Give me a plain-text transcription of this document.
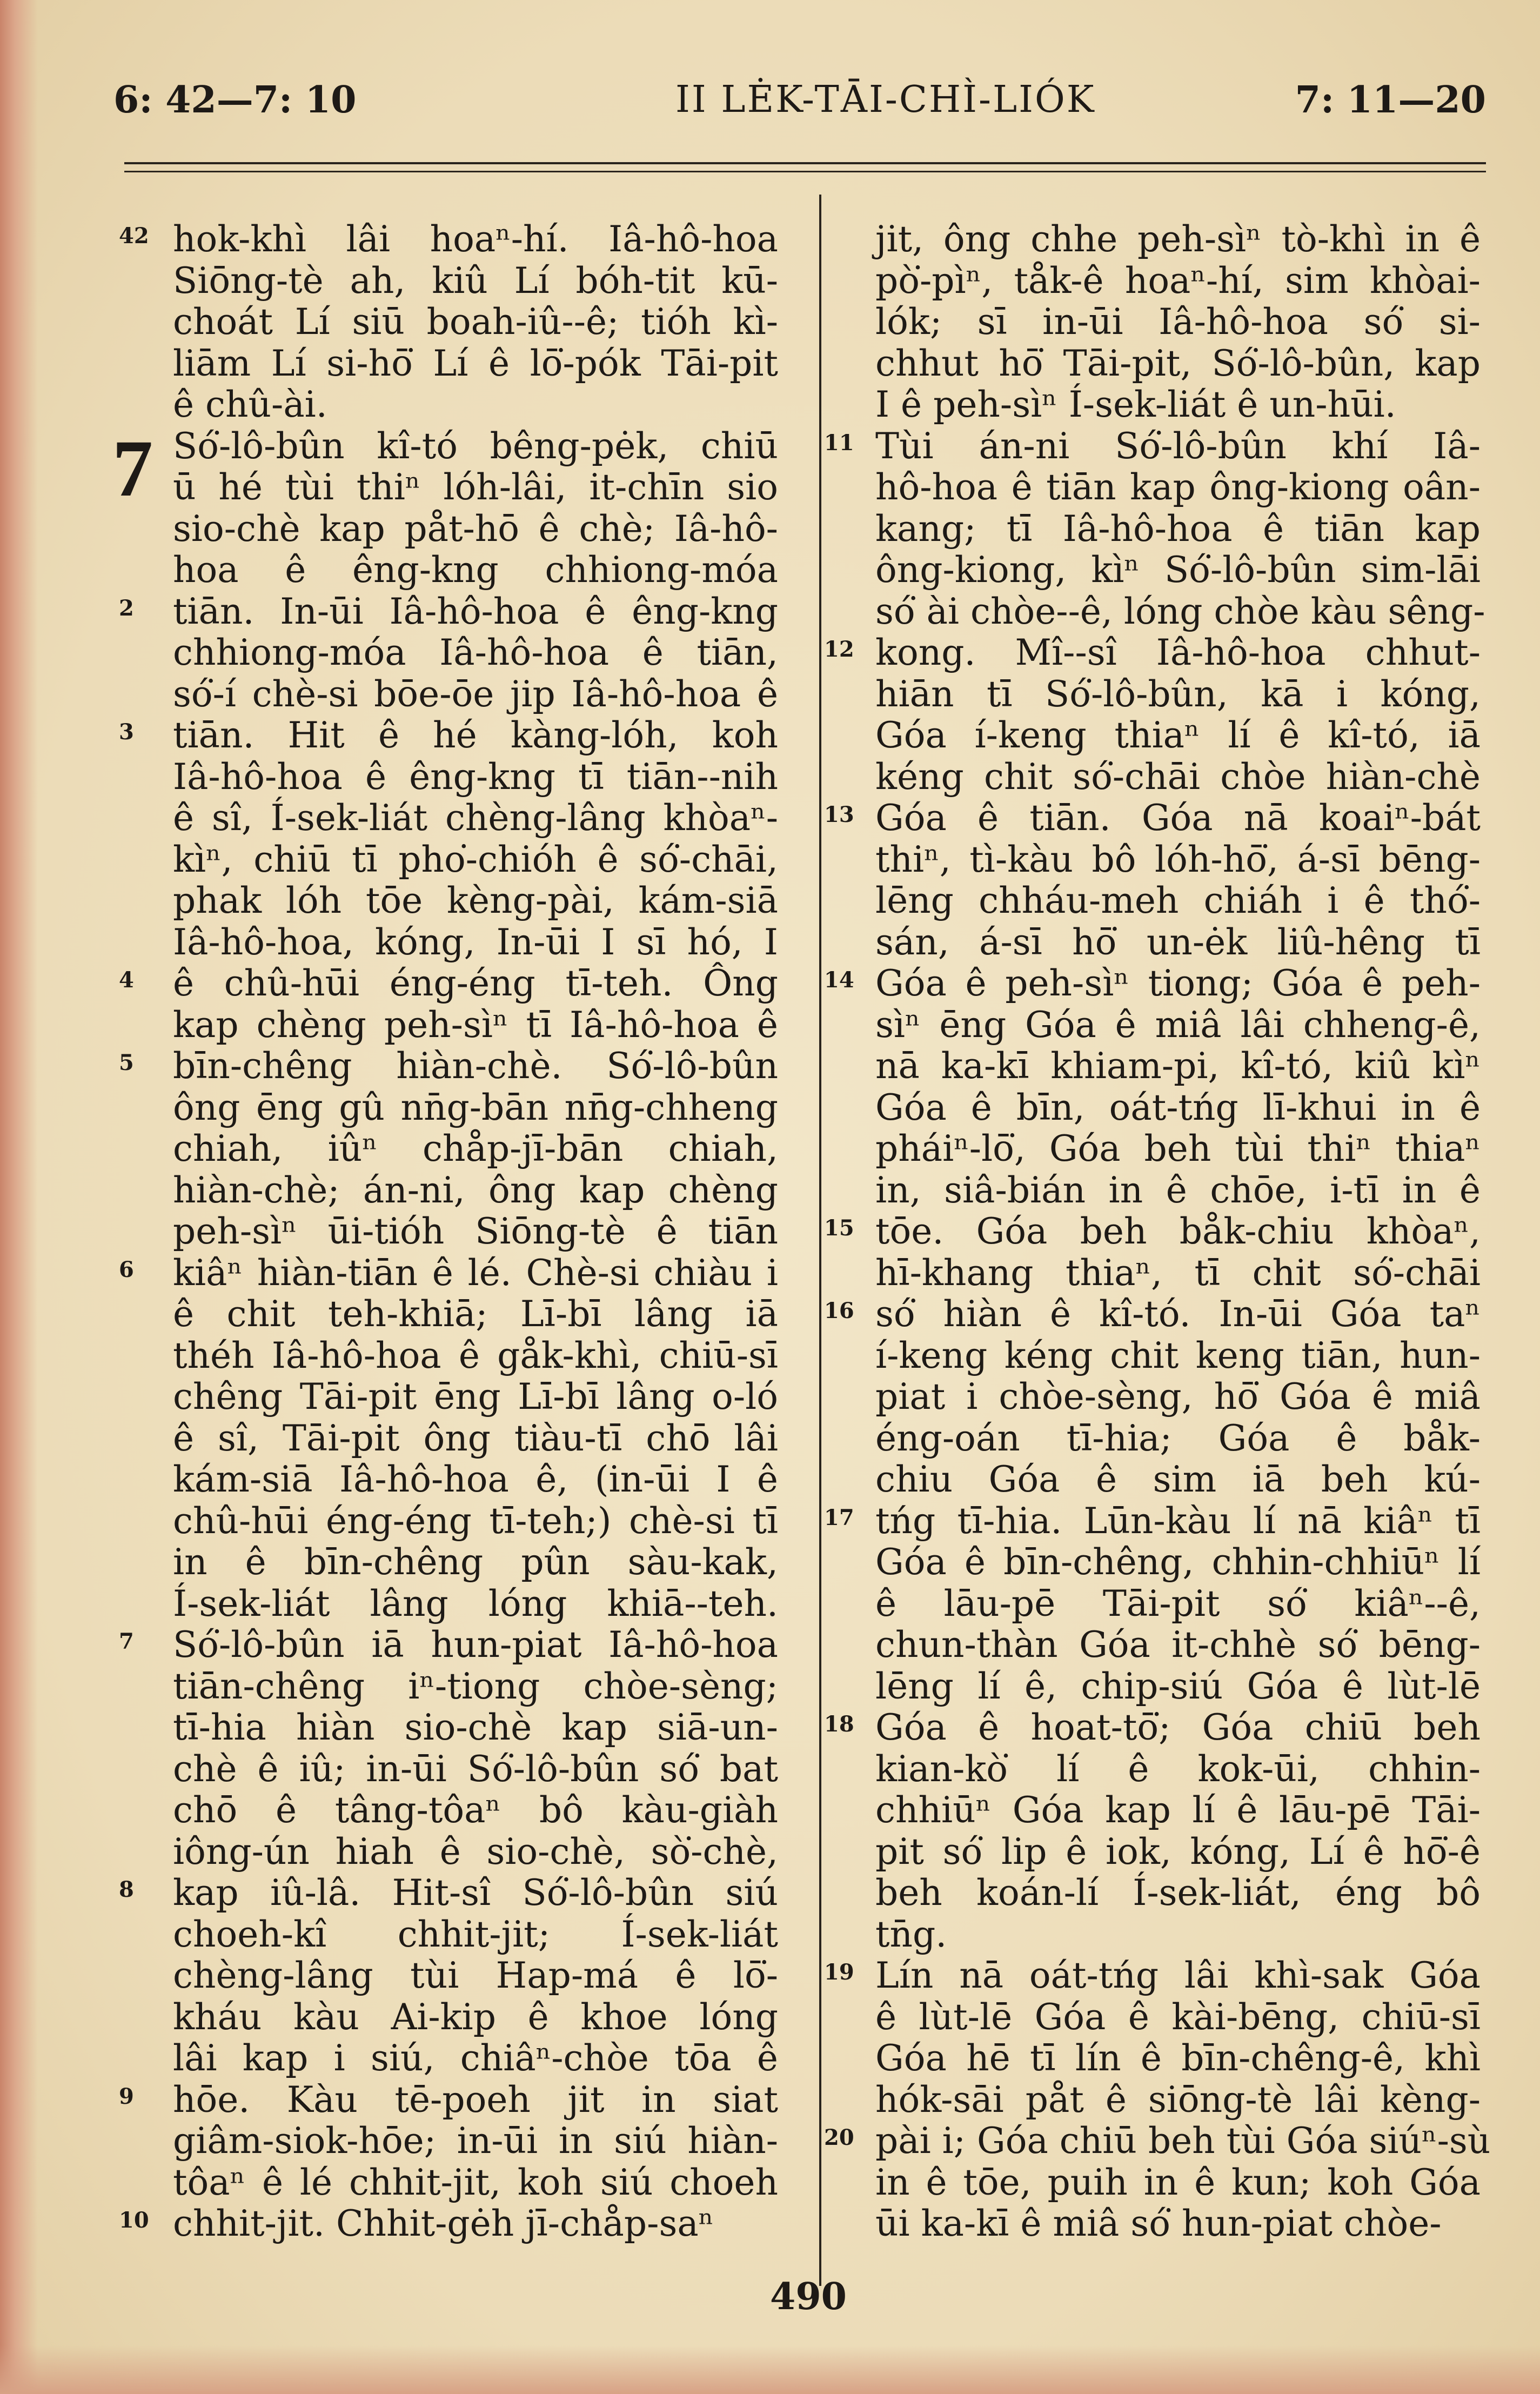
6: 42—7: 10	II LĖK-TĀI-CHÌ-LIÓK	7: 11—20
7
42
2
3
4
5
6
7
8
9
10
11
12
13
14
15
16
17
18
19
20
hok-khì lâi hoaⁿ-hí. Iâ-hô-hoa
Siōng-tè ah, kiû Lí bóh-tit kū-
choát Lí siū boah-iû--ê; tióh kì-
liām Lí si-hō͘ Lí ê lō͘-pók Tāi-pit
ê chû-ài.
Só͘-lô-bûn kî-tó bêng-pėk, chiū
ū hé tùi thiⁿ lóh-lâi, it-chīn sio
sio-chè kap påt-hō ê chè; Iâ-hô-
hoa ê êng-kng chhiong-móa
tiān. In-ūi Iâ-hô-hoa ê êng-kng
chhiong-móa Iâ-hô-hoa ê tiān,
só͘-í chè-si bōe-ōe jip Iâ-hô-hoa ê
tiān. Hit ê hé kàng-lóh, koh
Iâ-hô-hoa ê êng-kng tī tiān--nih
ê sî, Í-sek-liát chèng-lâng khòaⁿ-
kìⁿ, chiū tī pho͘-chióh ê só͘-chāi,
phak lóh tōe kèng-pài, kám-siā
Iâ-hô-hoa, kóng, In-ūi I sī hó, I
ê chû-hūi éng-éng tī-teh. Ông
kap chèng peh-sìⁿ tī Iâ-hô-hoa ê
bīn-chêng hiàn-chè. Só͘-lô-bûn
ông ēng gû nn̄g-bān nn̄g-chheng
chiah, iûⁿ chåp-jī-bān chiah,
hiàn-chè; án-ni, ông kap chèng
peh-sìⁿ ūi-tióh Siōng-tè ê tiān
kiâⁿ hiàn-tiān ê lé. Chè-si chiàu i
ê chit teh-khiā; Lī-bī lâng iā
théh Iâ-hô-hoa ê gåk-khì, chiū-sī
chêng Tāi-pit ēng Lī-bī lâng o-ló
ê sî, Tāi-pit ông tiàu-tī chō lâi
kám-siā Iâ-hô-hoa ê, (in-ūi I ê
chû-hūi éng-éng tī-teh;) chè-si tī
in ê bīn-chêng pûn sàu-kak,
Í-sek-liát lâng lóng khiā--teh.
Só͘-lô-bûn iā hun-piat Iâ-hô-hoa
tiān-chêng iⁿ-tiong chòe-sèng;
tī-hia hiàn sio-chè kap siā-un-
chè ê iû; in-ūi Só͘-lô-bûn só͘ bat
chō ê tâng-tôaⁿ bô kàu-giàh
iông-ún hiah ê sio-chè, sò͘-chè,
kap iû-lâ. Hit-sî Só͘-lô-bûn siú
choeh-kî chhit-jit; Í-sek-liát
chèng-lâng tùi Hap-má ê lō͘-
kháu kàu Ai-kip ê khoe lóng
lâi kap i siú, chiâⁿ-chòe tōa ê
hōe. Kàu tē-poeh jit in siat
giâm-siok-hōe; in-ūi in siú hiàn-
tôaⁿ ê lé chhit-jit, koh siú choeh
chhit-jit. Chhit-gėh jī-chåp-saⁿ
jit, ông chhe peh-sìⁿ tò-khì in ê
pò͘-pìⁿ, tåk-ê hoaⁿ-hí, sim khòai-
lók; sī in-ūi Iâ-hô-hoa só͘ si-
chhut hō͘ Tāi-pit, Só͘-lô-bûn, kap
I ê peh-sìⁿ Í-sek-liát ê un-hūi.
Tùi án-ni Só͘-lô-bûn khí Iâ-
hô-hoa ê tiān kap ông-kiong oân-
kang; tī Iâ-hô-hoa ê tiān kap
ông-kiong, kìⁿ Só͘-lô-bûn sim-lāi
só͘ ài chòe--ê, lóng chòe kàu sêng-
kong. Mî--sî Iâ-hô-hoa chhut-
hiān tī Só͘-lô-bûn, kā i kóng,
Góa í-keng thiaⁿ lí ê kî-tó, iā
kéng chit só͘-chāi chòe hiàn-chè
Góa ê tiān. Góa nā koaiⁿ-bát
thiⁿ, tì-kàu bô lóh-hō͘, á-sī bēng-
lēng chháu-meh chiáh i ê thó͘-
sán, á-sī hō͘ un-ėk liû-hêng tī
Góa ê peh-sìⁿ tiong; Góa ê peh-
sìⁿ ēng Góa ê miâ lâi chheng-ê,
nā ka-kī khiam-pi, kî-tó, kiû kìⁿ
Góa ê bīn, oát-tńg lī-khui in ê
pháiⁿ-lō͘, Góa beh tùi thiⁿ thiaⁿ
in, siâ-bián in ê chōe, i-tī in ê
tōe. Góa beh båk-chiu khòaⁿ,
hī-khang thiaⁿ, tī chit só͘-chāi
só͘ hiàn ê kî-tó. In-ūi Góa taⁿ
í-keng kéng chit keng tiān, hun-
piat i chòe-sèng, hō͘ Góa ê miâ
éng-oán tī-hia; Góa ê båk-
chiu Góa ê sim iā beh kú-
tńg tī-hia. Lūn-kàu lí nā kiâⁿ tī
Góa ê bīn-chêng, chhin-chhiūⁿ lí
ê lāu-pē Tāi-pit só͘ kiâⁿ--ê,
chun-thàn Góa it-chhè só͘ bēng-
lēng lí ê, chip-siú Góa ê lùt-lē
Góa ê hoat-tō͘; Góa chiū beh
kian-kò͘ lí ê kok-ūi, chhin-
chhiūⁿ Góa kap lí ê lāu-pē Tāi-
pit só͘ lip ê iok, kóng, Lí ê hō͘-ê
beh koán-lí Í-sek-liát, éng bô
tn̄g.
Lín nā oát-tńg lâi khì-sak Góa
ê lùt-lē Góa ê kài-bēng, chiū-sī
Góa hē tī lín ê bīn-chêng-ê, khì
hók-sāi påt ê siōng-tè lâi kèng-
pài i; Góa chiū beh tùi Góa siúⁿ-sù
in ê tōe, puih in ê kun; koh Góa
ūi ka-kī ê miâ só͘ hun-piat chòe-
490
